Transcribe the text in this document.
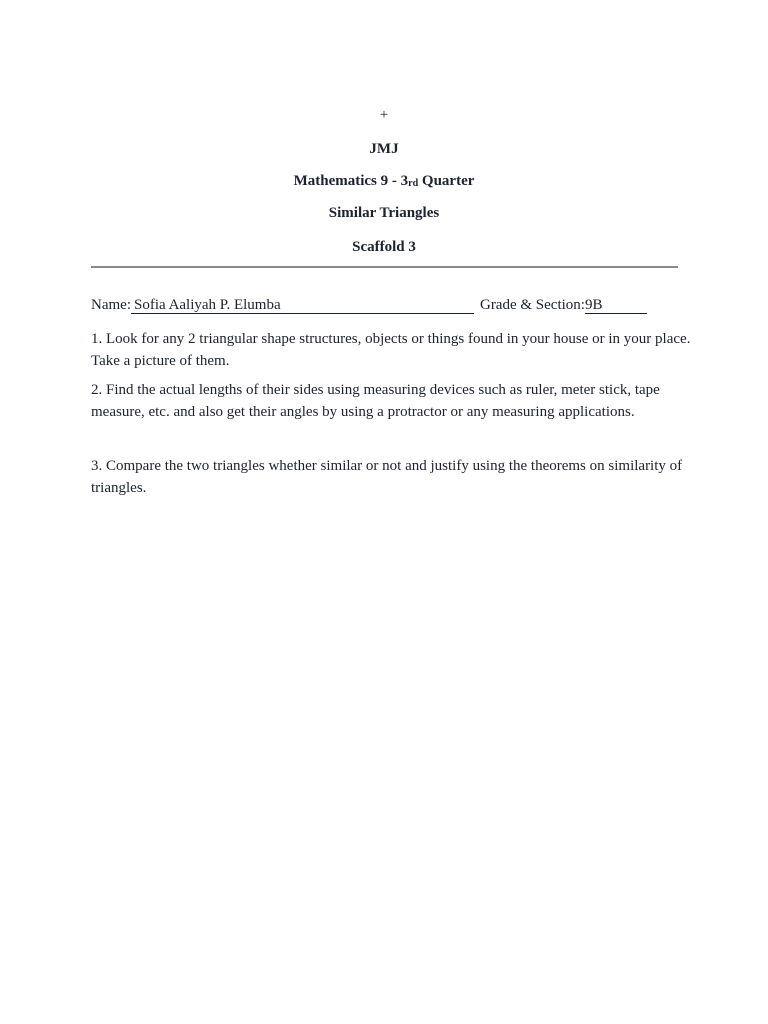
+
JMJ
Mathematics 9 - 3rd Quarter
Similar Triangles
Scaffold 3
Name: Sofia Aaliyah P. Elumba	Grade & Section:9B
1. Look for any 2 triangular shape structures, objects or things found in your house or in your place. Take a picture of them.
2. Find the actual lengths of their sides using measuring devices such as ruler, meter stick, tape measure, etc. and also get their angles by using a protractor or any measuring applications.
3. Compare the two triangles whether similar or not and justify using the theorems on similarity of triangles.
